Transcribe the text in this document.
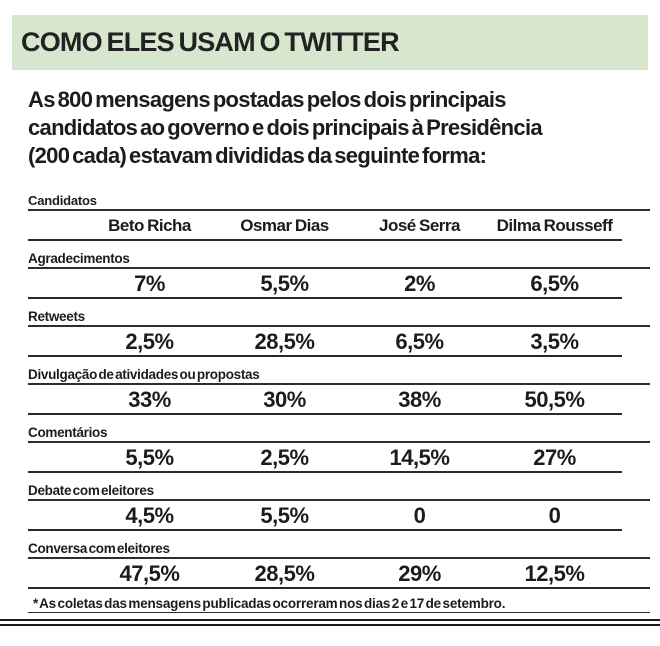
COMO ELES USAM O TWITTER
As 800 mensagens postadas pelos dois principais
candidatos ao governo e dois principais à Presidência
(200 cada) estavam divididas da seguinte forma:
Candidatos
Beto Richa	Osmar Dias	José Serra	Dilma Rousseff
Agradecimentos
7%	5,5%	2%	6,5%
Retweets
2,5%	28,5%	6,5%	3,5%
Divulgação de atividades ou propostas
33%	30%	38%	50,5%
Comentários
5,5%	2,5%	14,5%	27%
Debate com eleitores
4,5%	5,5%	0	0
Conversa com eleitores
47,5%	28,5%	29%	12,5%
* As coletas das mensagens publicadas ocorreram nos dias 2 e 17 de setembro.
